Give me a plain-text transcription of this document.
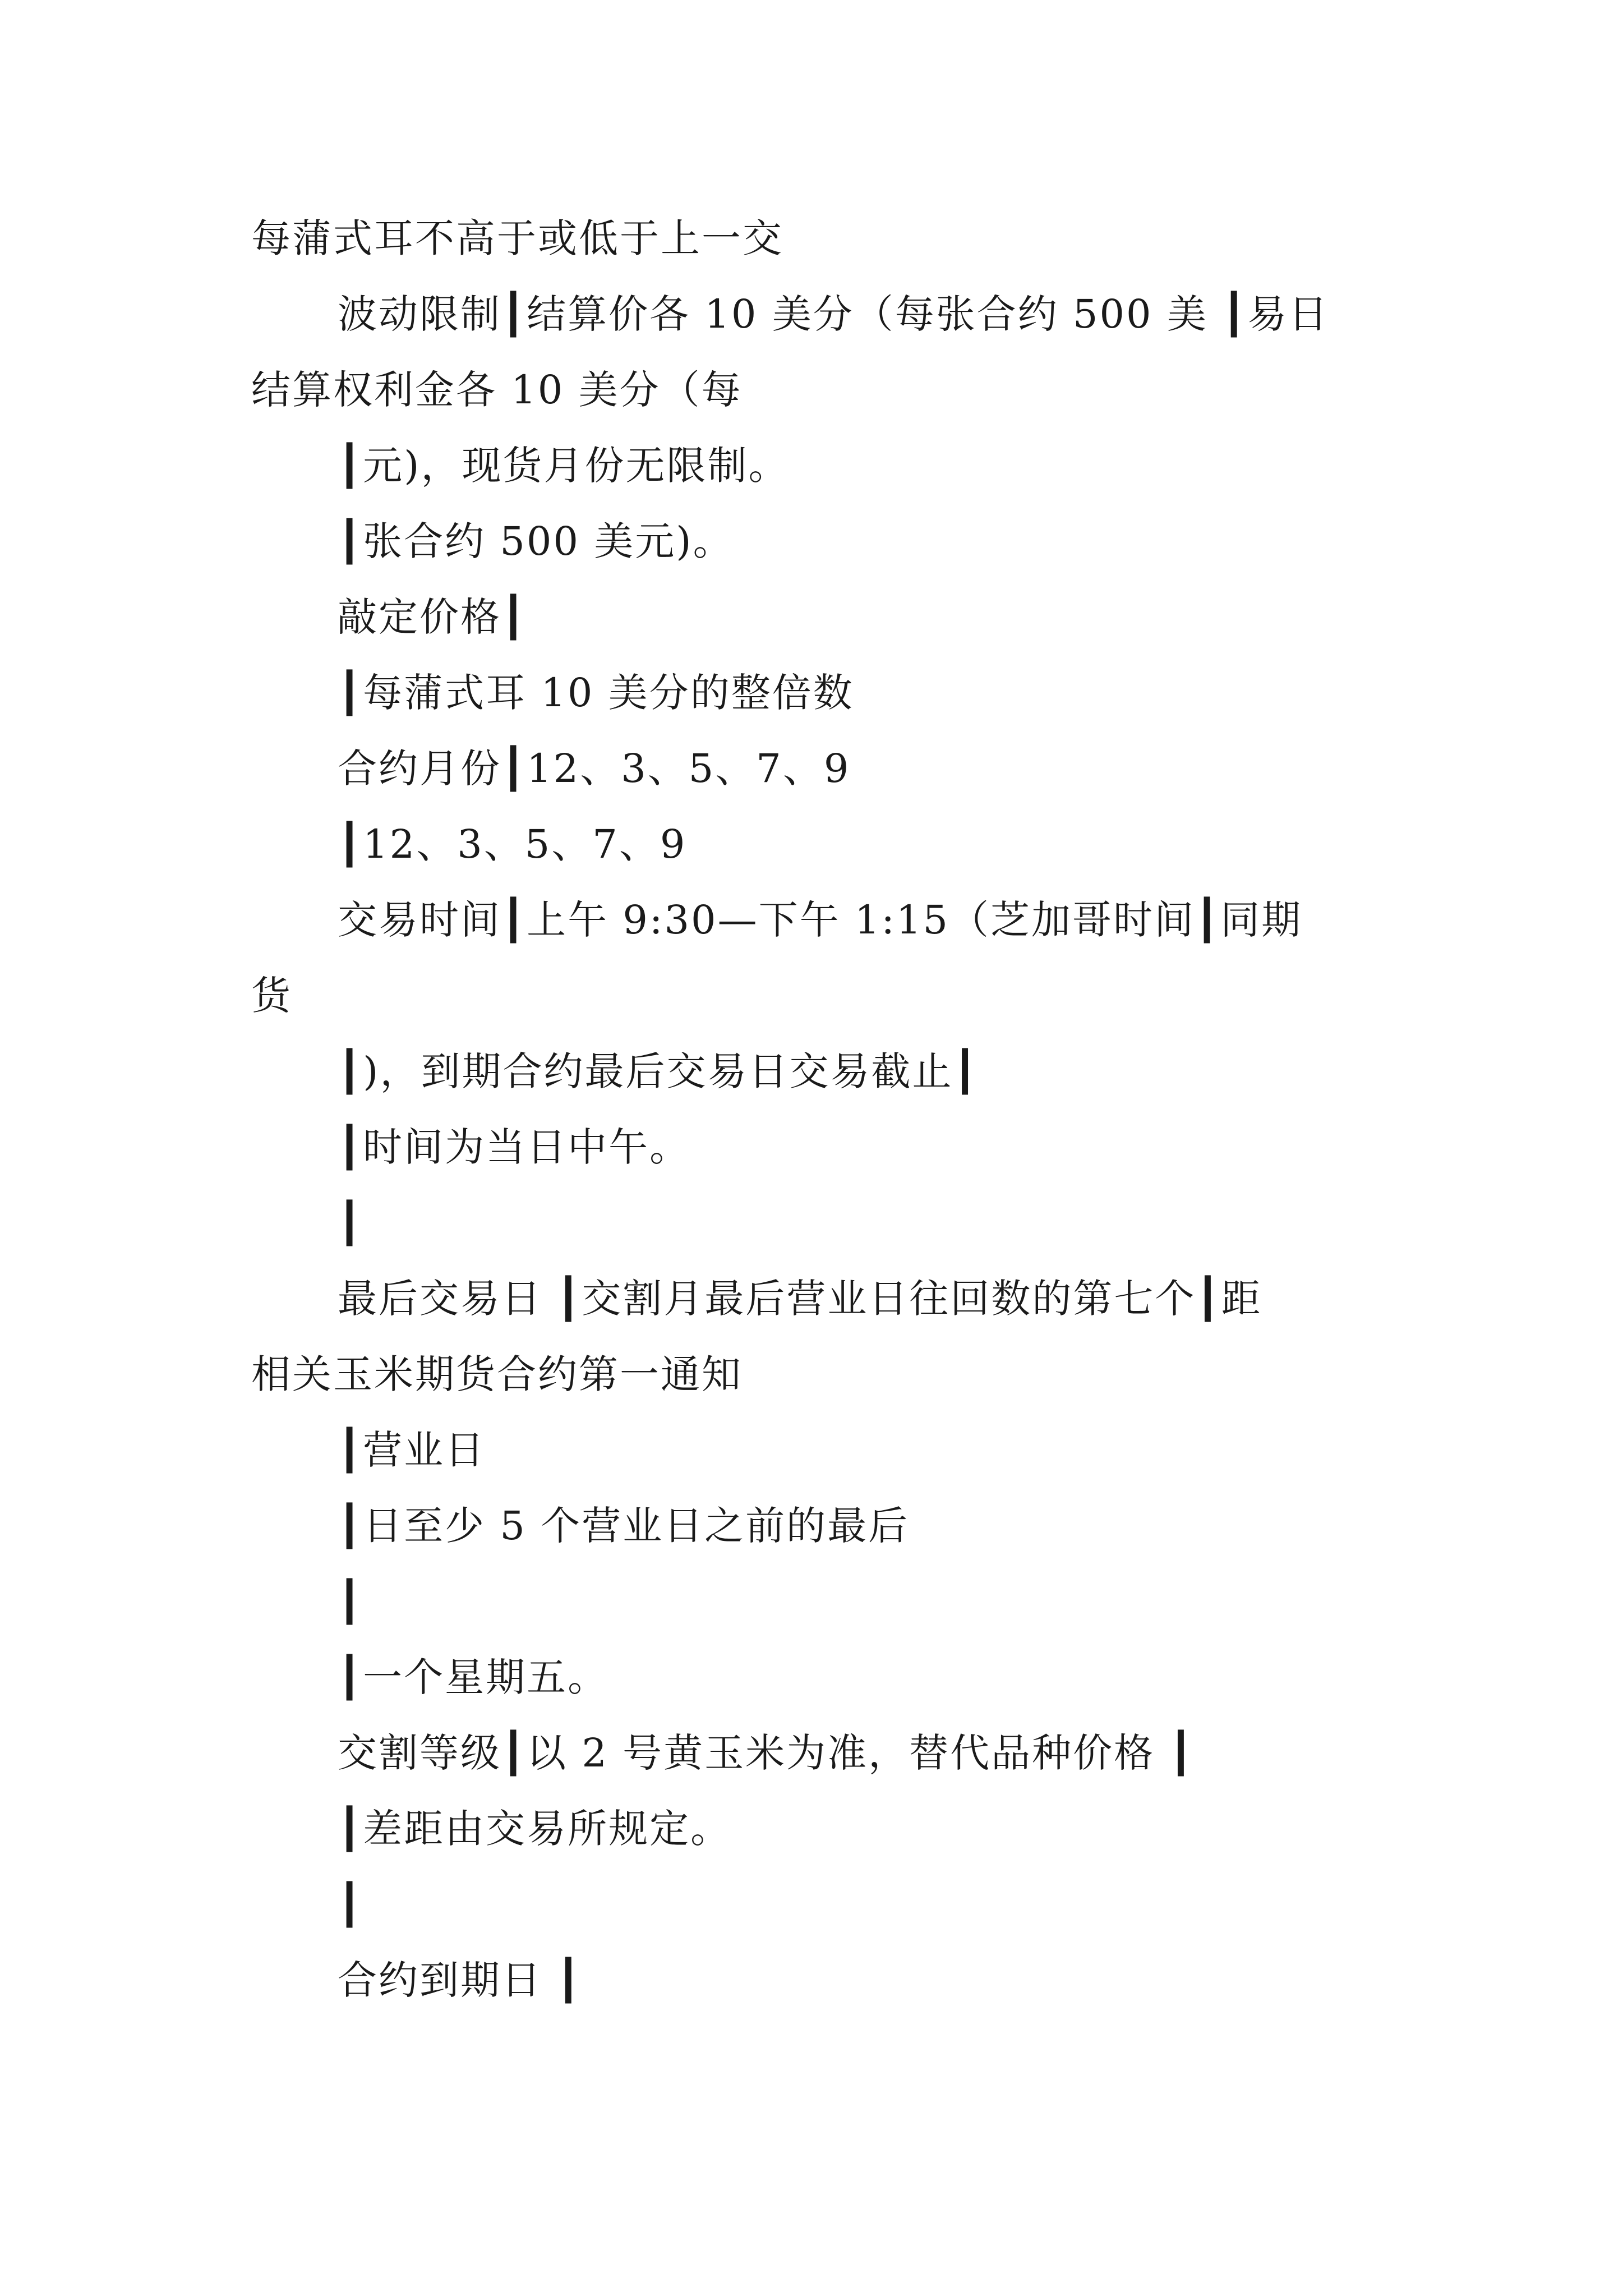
每蒲式耳不高于或低于上一交
波动限制┃结算价各 10 美分（每张合约 500 美 ┃易日
结算权利金各 10 美分（每
┃元)，现货月份无限制。
┃张合约 500 美元)。
敲定价格┃
┃每蒲式耳 10 美分的整倍数
合约月份┃12、3、5、7、9
┃12、3、5、7、9
交易时间┃上午 9:30—下午 1:15（芝加哥时间┃同期
货
┃)，到期合约最后交易日交易截止┃
┃时间为当日中午。
┃
最后交易日 ┃交割月最后营业日往回数的第七个┃距
相关玉米期货合约第一通知
┃营业日
┃日至少 5 个营业日之前的最后
┃
┃一个星期五。
交割等级┃以 2 号黄玉米为准，替代品种价格 ┃
┃差距由交易所规定。
┃
合约到期日 ┃
